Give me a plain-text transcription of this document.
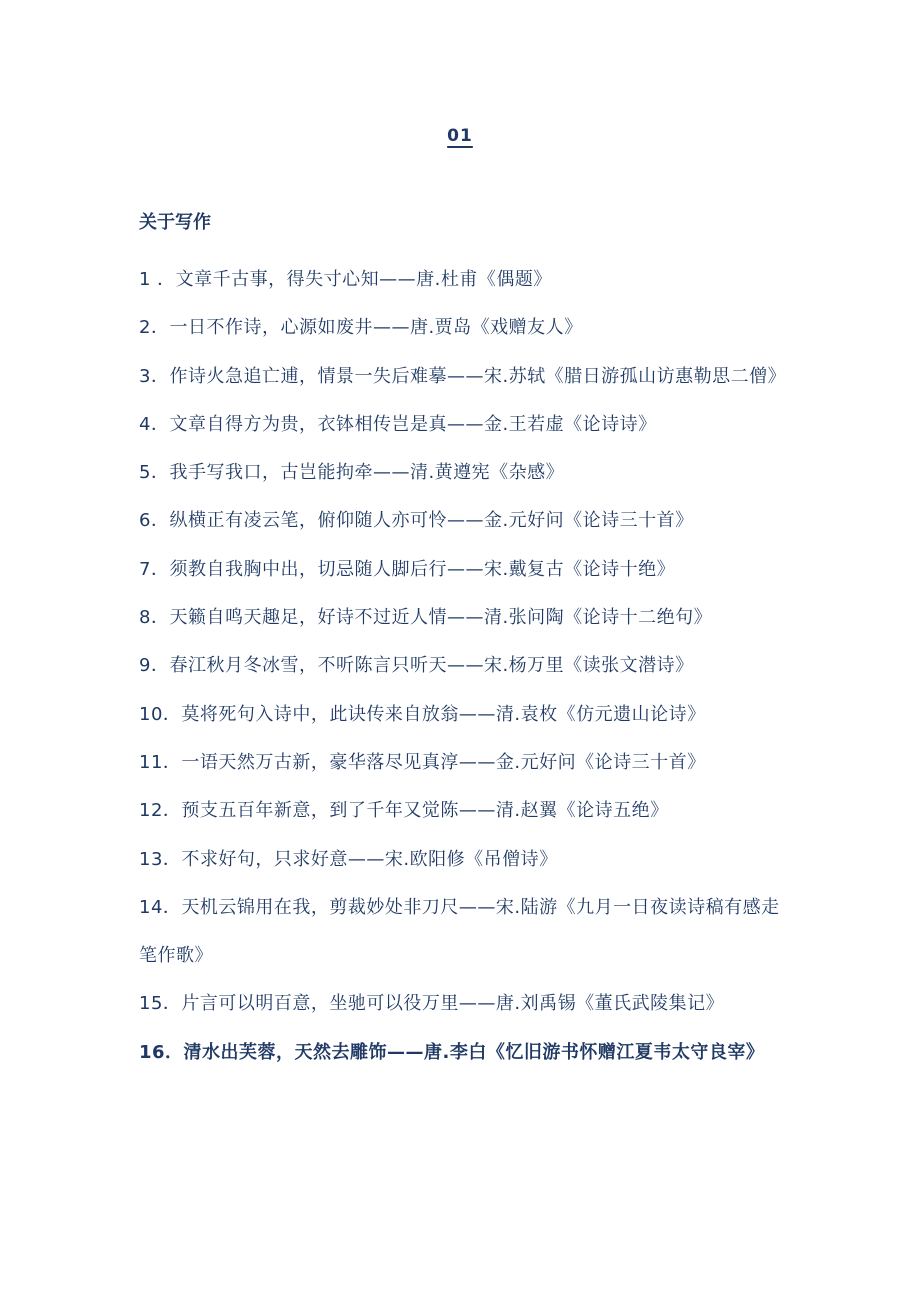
01
关于写作
1 ．文章千古事，得失寸心知——唐.杜甫《偶题》
2．一日不作诗，心源如废井——唐.贾岛《戏赠友人》
3．作诗火急追亡逋，情景一失后难摹——宋.苏轼《腊日游孤山访惠勒思二僧》
4．文章自得方为贵，衣钵相传岂是真——金.王若虚《论诗诗》
5．我手写我口，古岂能拘牵——清.黄遵宪《杂感》
6．纵横正有凌云笔，俯仰随人亦可怜——金.元好问《论诗三十首》
7．须教自我胸中出，切忌随人脚后行——宋.戴复古《论诗十绝》
8．天籁自鸣天趣足，好诗不过近人情——清.张问陶《论诗十二绝句》
9．春江秋月冬冰雪，不听陈言只听天——宋.杨万里《读张文潜诗》
10．莫将死句入诗中，此诀传来自放翁——清.袁枚《仿元遗山论诗》
11．一语天然万古新，豪华落尽见真淳——金.元好问《论诗三十首》
12．预支五百年新意，到了千年又觉陈——清.赵翼《论诗五绝》
13．不求好句，只求好意——宋.欧阳修《吊僧诗》
14．天机云锦用在我，剪裁妙处非刀尺——宋.陆游《九月一日夜读诗稿有感走笔作歌》
15．片言可以明百意，坐驰可以役万里——唐.刘禹锡《董氏武陵集记》
16．清水出芙蓉，天然去雕饰——唐.李白《忆旧游书怀赠江夏韦太守良宰》
